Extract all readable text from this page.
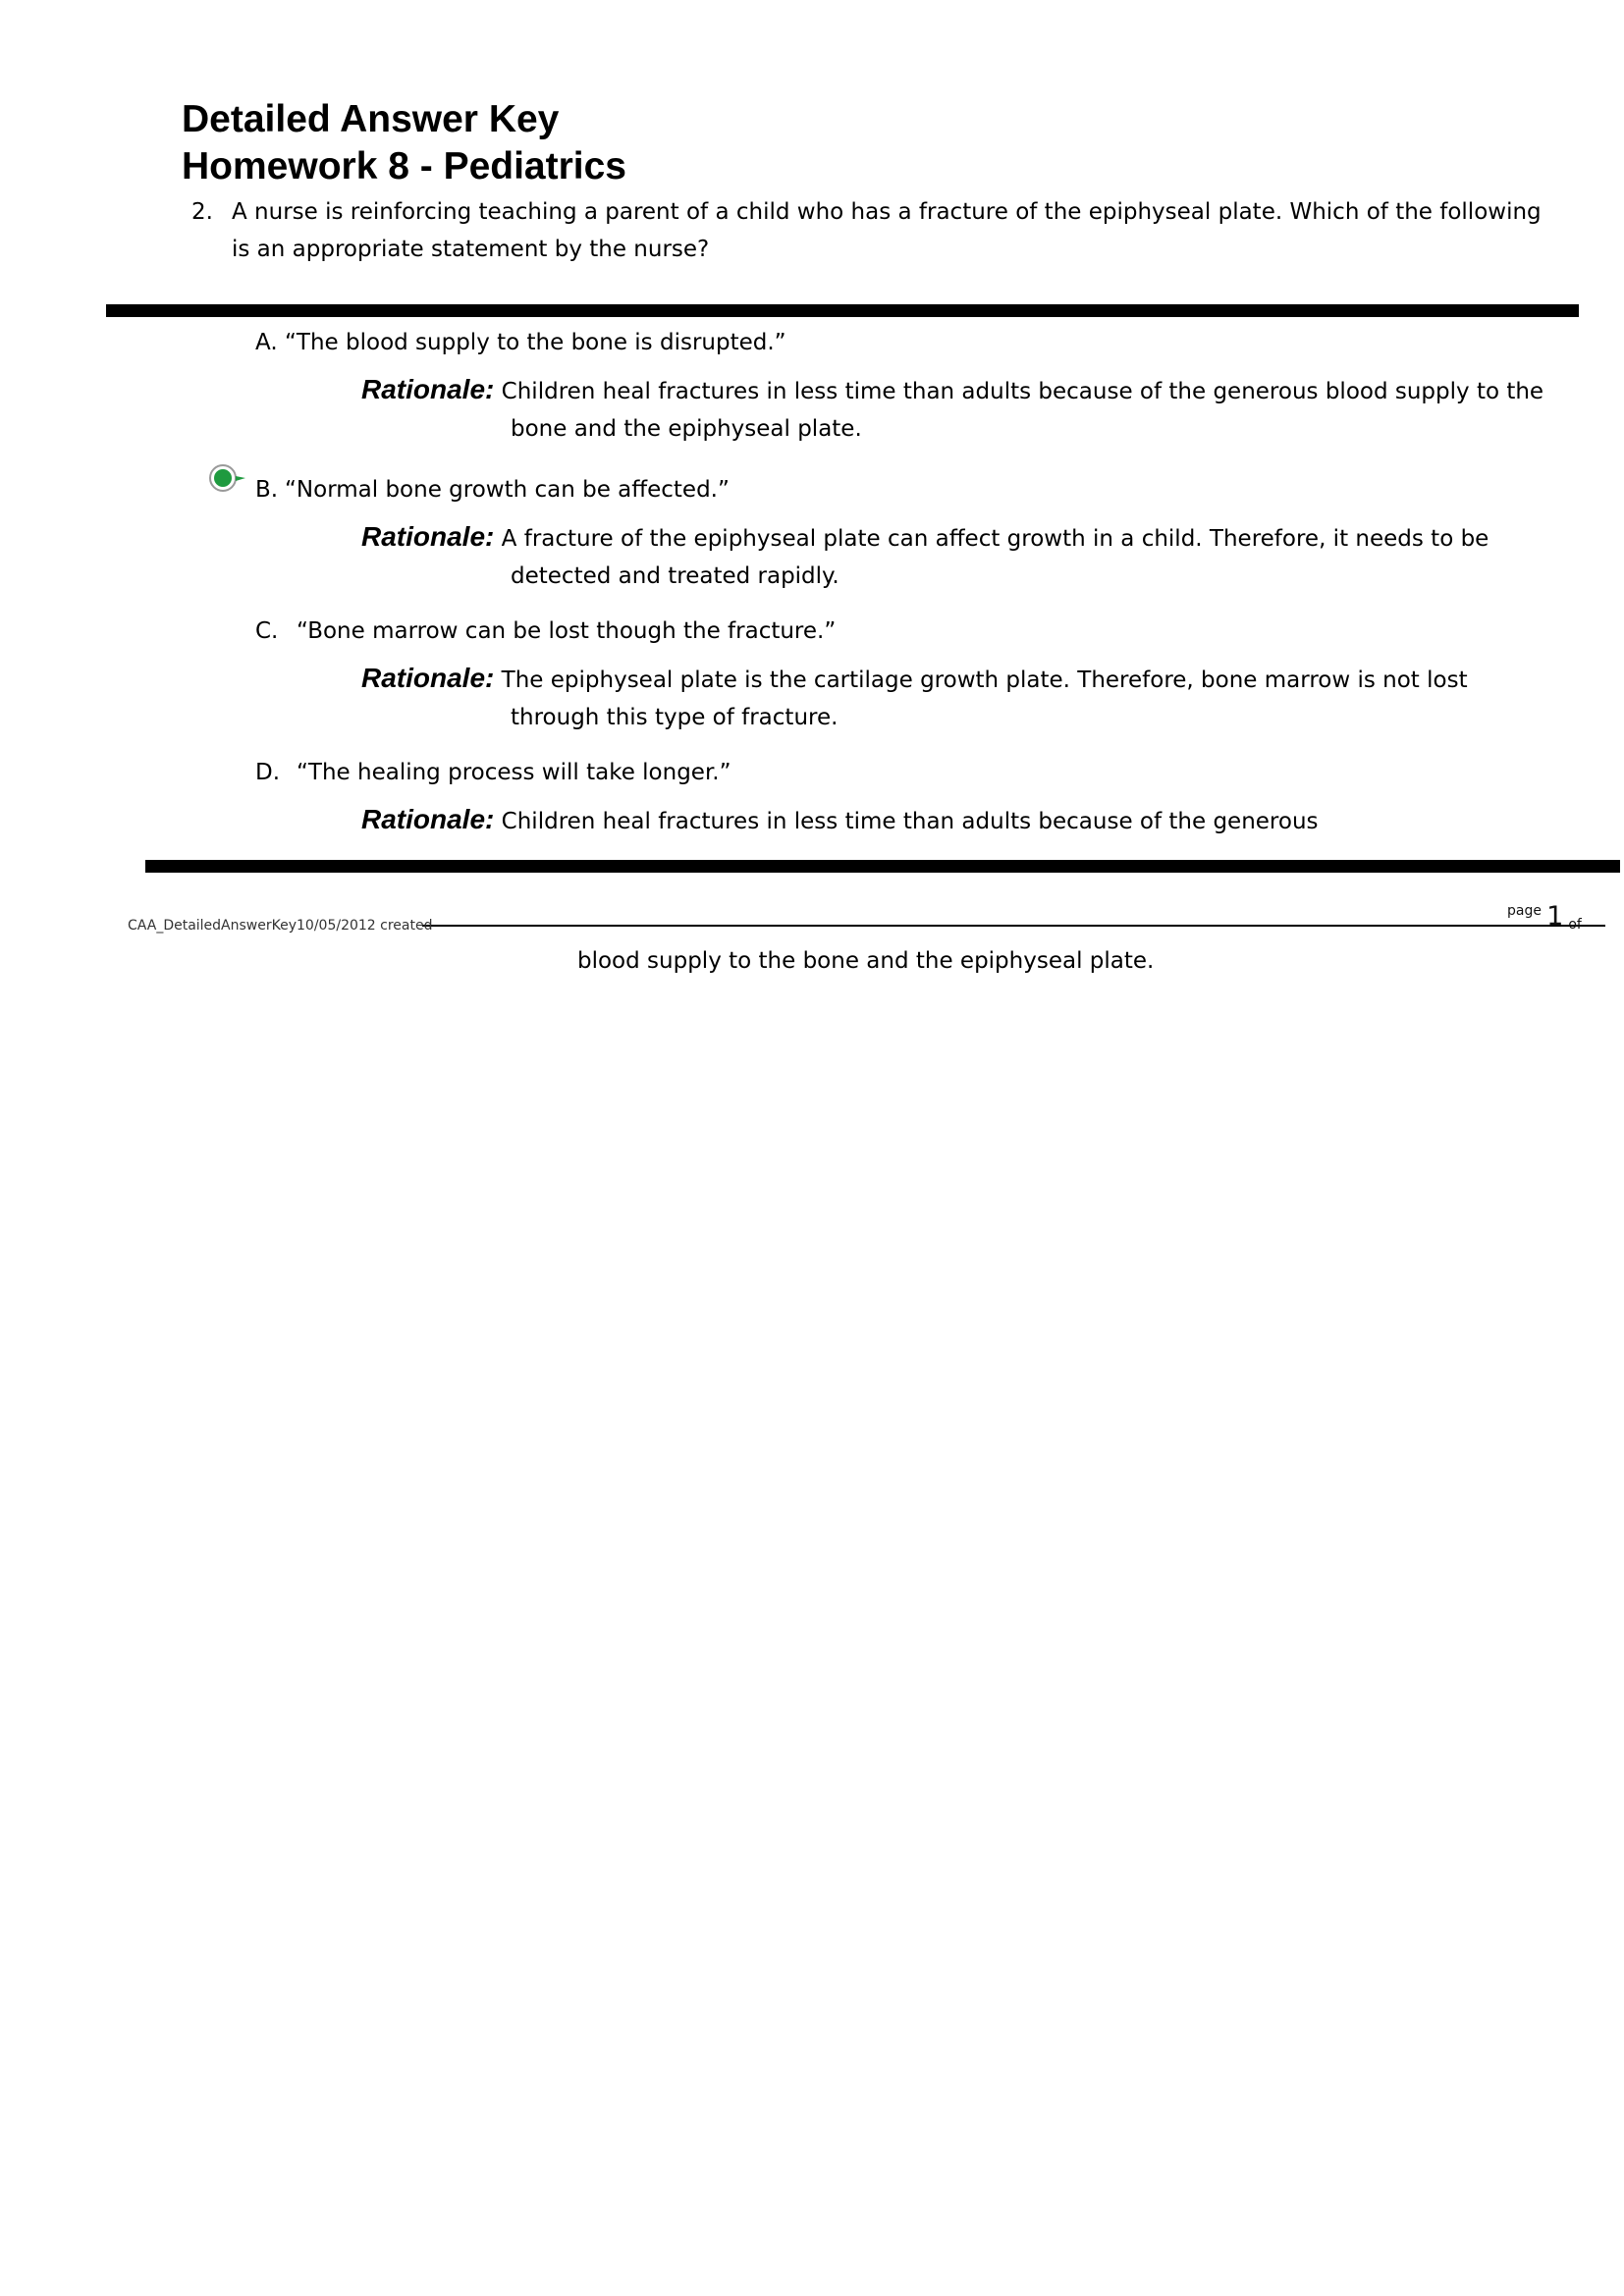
Detailed Answer Key
Homework 8 - Pediatrics
2. A nurse is reinforcing teaching a parent of a child who has a fracture of the epiphyseal plate. Which of the following is an appropriate statement by the nurse?
A. “The blood supply to the bone is disrupted.”
Rationale: Children heal fractures in less time than adults because of the generous blood supply to the
bone and the epiphyseal plate.
B. “Normal bone growth can be affected.”
Rationale: A fracture of the epiphyseal plate can affect growth in a child. Therefore, it needs to be
detected and treated rapidly.
C. “Bone marrow can be lost though the fracture.”
Rationale: The epiphyseal plate is the cartilage growth plate. Therefore, bone marrow is not lost
through this type of fracture.
D. “The healing process will take longer.”
Rationale: Children heal fractures in less time than adults because of the generous
CAA_DetailedAnswerKey10/05/2012 created
page 1 of
blood supply to the bone and the epiphyseal plate.
